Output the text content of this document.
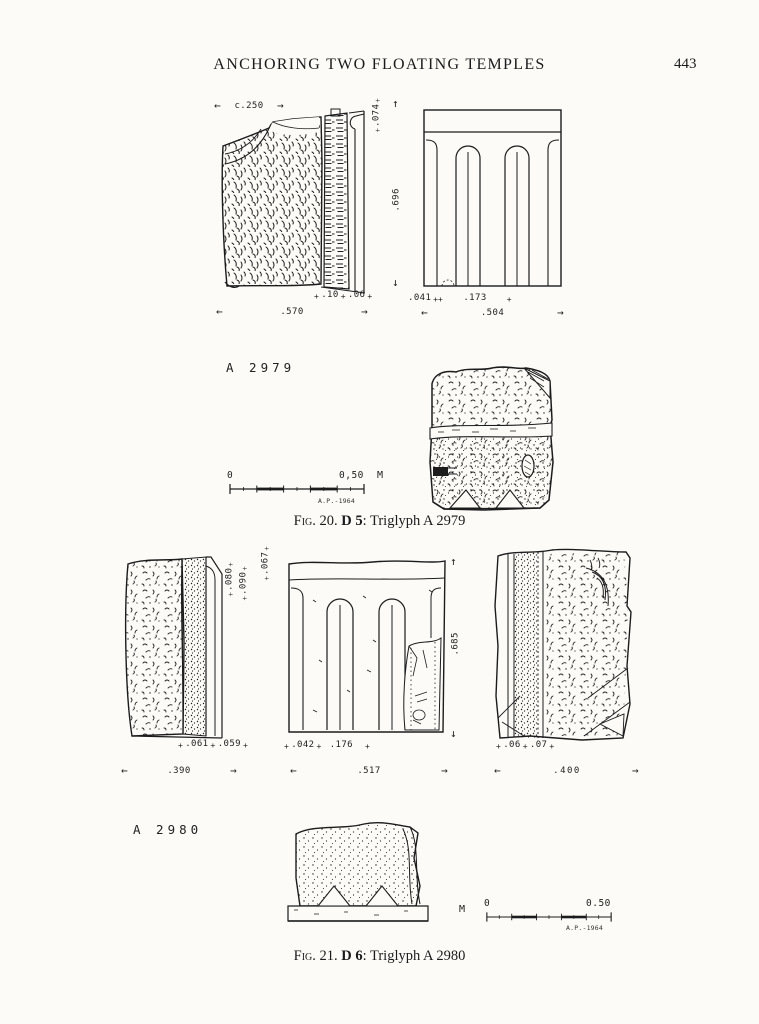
ANCHORING TWO FLOATING TEMPLES	443
←
c.250 →
+	.074
+
↑
.696
↓
+
.10 + .06
+
←
.570
→
.041 + +	.173
+
←
.504
→
A 2979
0	0,50 M
A.P.-1964
Fig. 20. D 5: Triglyph A 2979
+
.080
+
+ .090
+
+
.067
+
↑
.685
↓
+
.061 + .059
+
←
.390
→
+
.042 + .176
+
←
.517
→
+
.06 + .07
+
←
.400
→
A 2980
M
0	0.50
A.P.-1964
Fig. 21. D 6: Triglyph A 2980
